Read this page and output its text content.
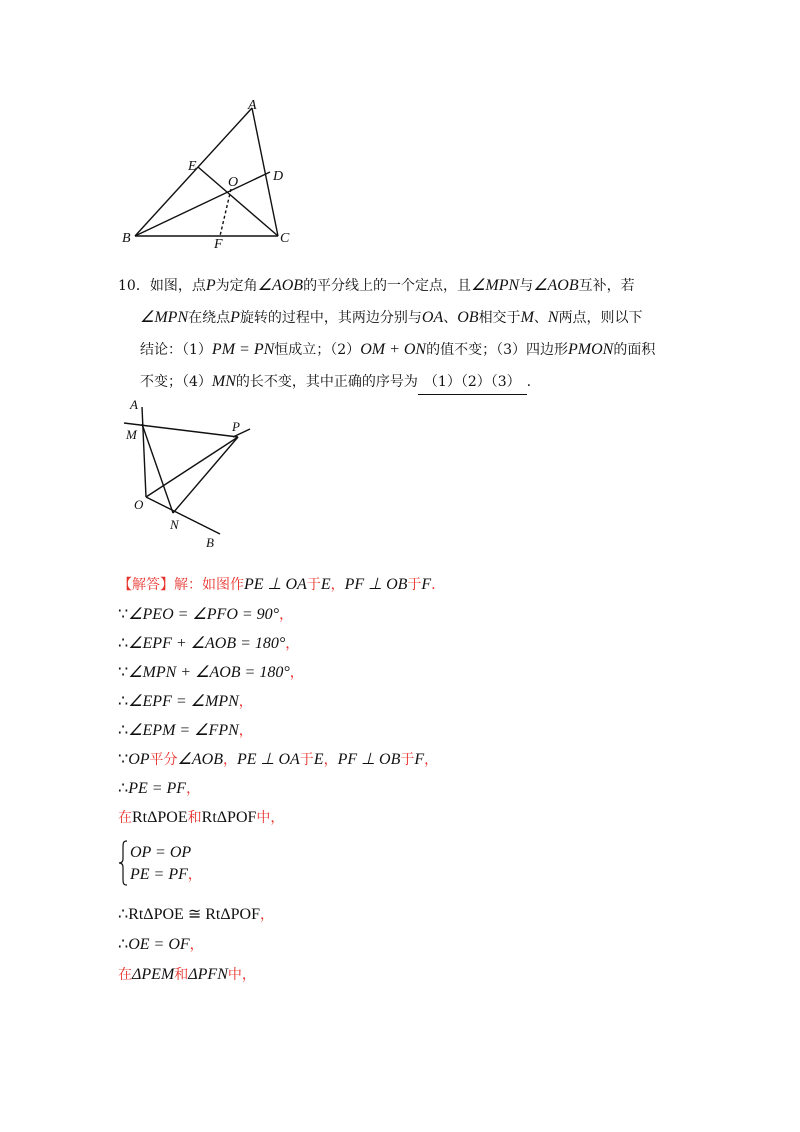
A
E
O D
B	F	C
10．如图，点P为定角∠AOB的平分线上的一个定点，且∠MPN与∠AOB互补，若
∠MPN在绕点P旋转的过程中，其两边分别与OA、OB相交于M、N两点，则以下
结论：（1）PM = PN恒成立；（2）OM + ON的值不变；（3）四边形PMON的面积
不变；（4）MN的长不变，其中正确的序号为 （1）（2）（3） .
A
M
P
O
N
B
【解答】解：如图作PE ⊥ OA于E，PF ⊥ OB于F．
∵∠PEO = ∠PFO = 90°，
∴∠EPF + ∠AOB = 180°，
∵∠MPN + ∠AOB = 180°，
∴∠EPF = ∠MPN，
∴∠EPM = ∠FPN，
∵OP平分∠AOB，PE ⊥ OA于E，PF ⊥ OB于F，
∴PE = PF，
在RtΔPOE和RtΔPOF中，
OP = OP
PE = PF，
∴RtΔPOE ≅ RtΔPOF，
∴OE = OF，
在ΔPEM和ΔPFN中，
